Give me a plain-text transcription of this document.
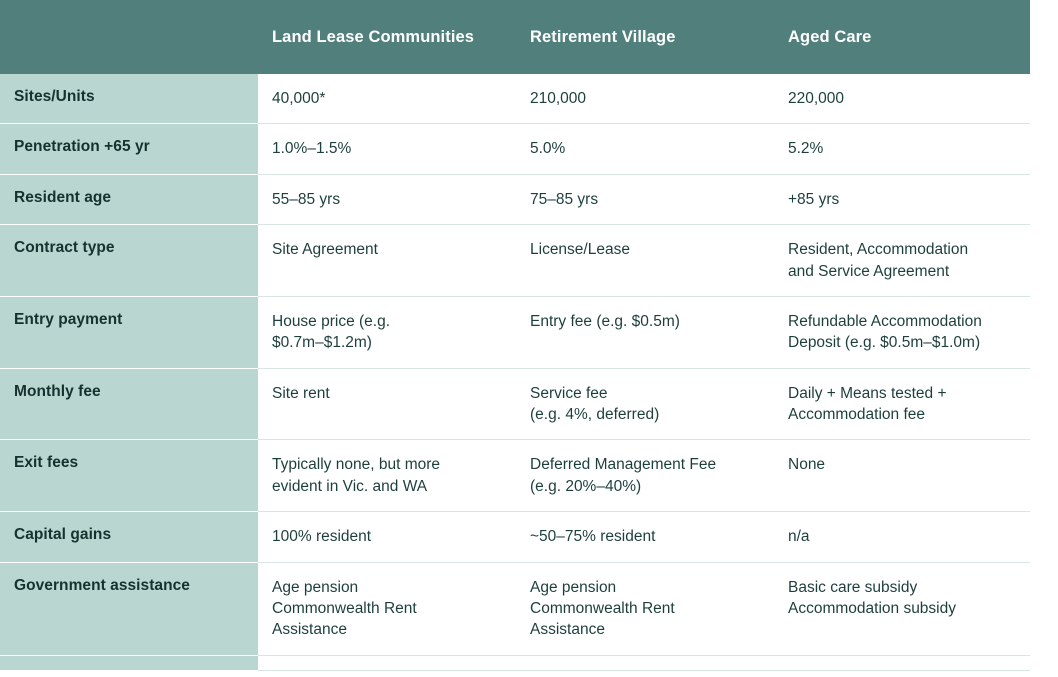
	Land Lease Communities	Retirement Village	Aged Care
Sites/Units	40,000*	210,000	220,000

Penetration +65 yr	1.0%–1.5%	5.0%	5.2%

Resident age	55–85 yrs	75–85 yrs	+85 yrs

Contract type	Site Agreement	License/Lease	Resident, Accommodation
and Service Agreement

Entry payment	House price (e.g.
$0.7m–$1.2m)	Entry fee (e.g. $0.5m)	Refundable Accommodation
Deposit (e.g. $0.5m–$1.0m)

Monthly fee	Site rent	Service fee
(e.g. 4%, deferred)	Daily + Means tested +
Accommodation fee

Exit fees	Typically none, but more
evident in Vic. and WA	Deferred Management Fee
(e.g. 20%–40%)	None

Capital gains	100% resident	~50–75% resident	n/a

Government assistance	Age pension
Commonwealth Rent
Assistance	Age pension
Commonwealth Rent
Assistance	Basic care subsidy
Accommodation subsidy
